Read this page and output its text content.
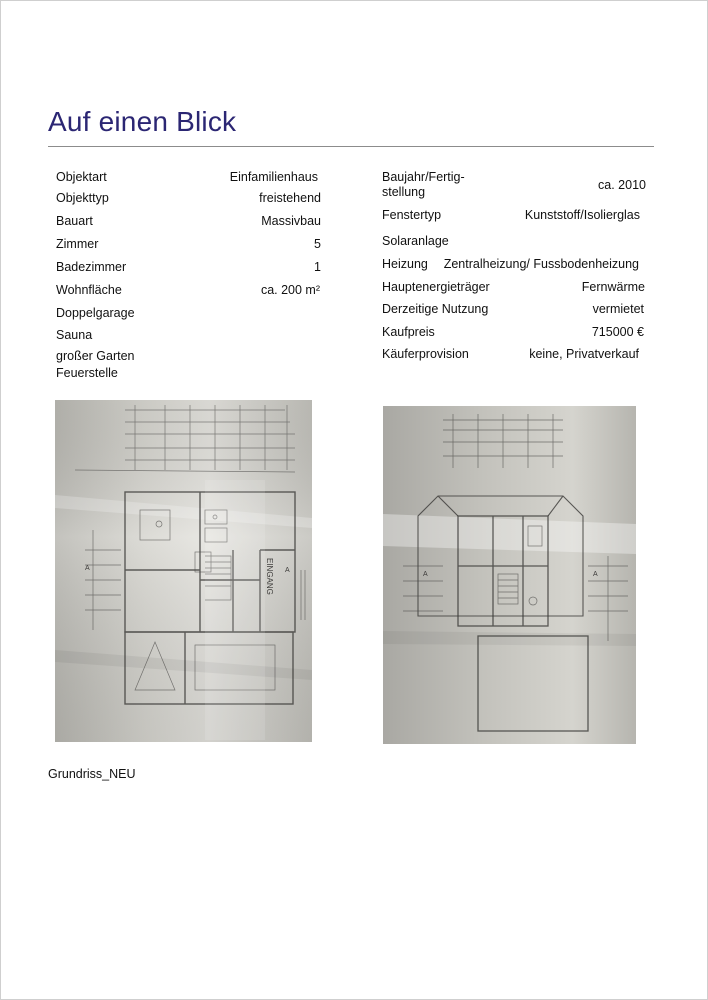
Auf einen Blick
Objektart	Einfamilienhaus
Objekttyp	freistehend
Bauart	Massivbau
Zimmer	5
Badezimmer	1
Wohnfläche	ca. 200 m²
Doppelgarage
Sauna
großer Garten
Feuerstelle
Baujahr/Fertig-
stellung	ca. 2010
Fenstertyp	Kunststoff/Isolierglas
Solaranlage
Heizung Zentralheizung/ Fussbodenheizung
Hauptenergieträger	Fernwärme
Derzeitige Nutzung	vermietet
Kaufpreis	715000 €
Käuferprovision	keine, Privatverkauf
EINGANG A
A
A	A
Grundriss_NEU
